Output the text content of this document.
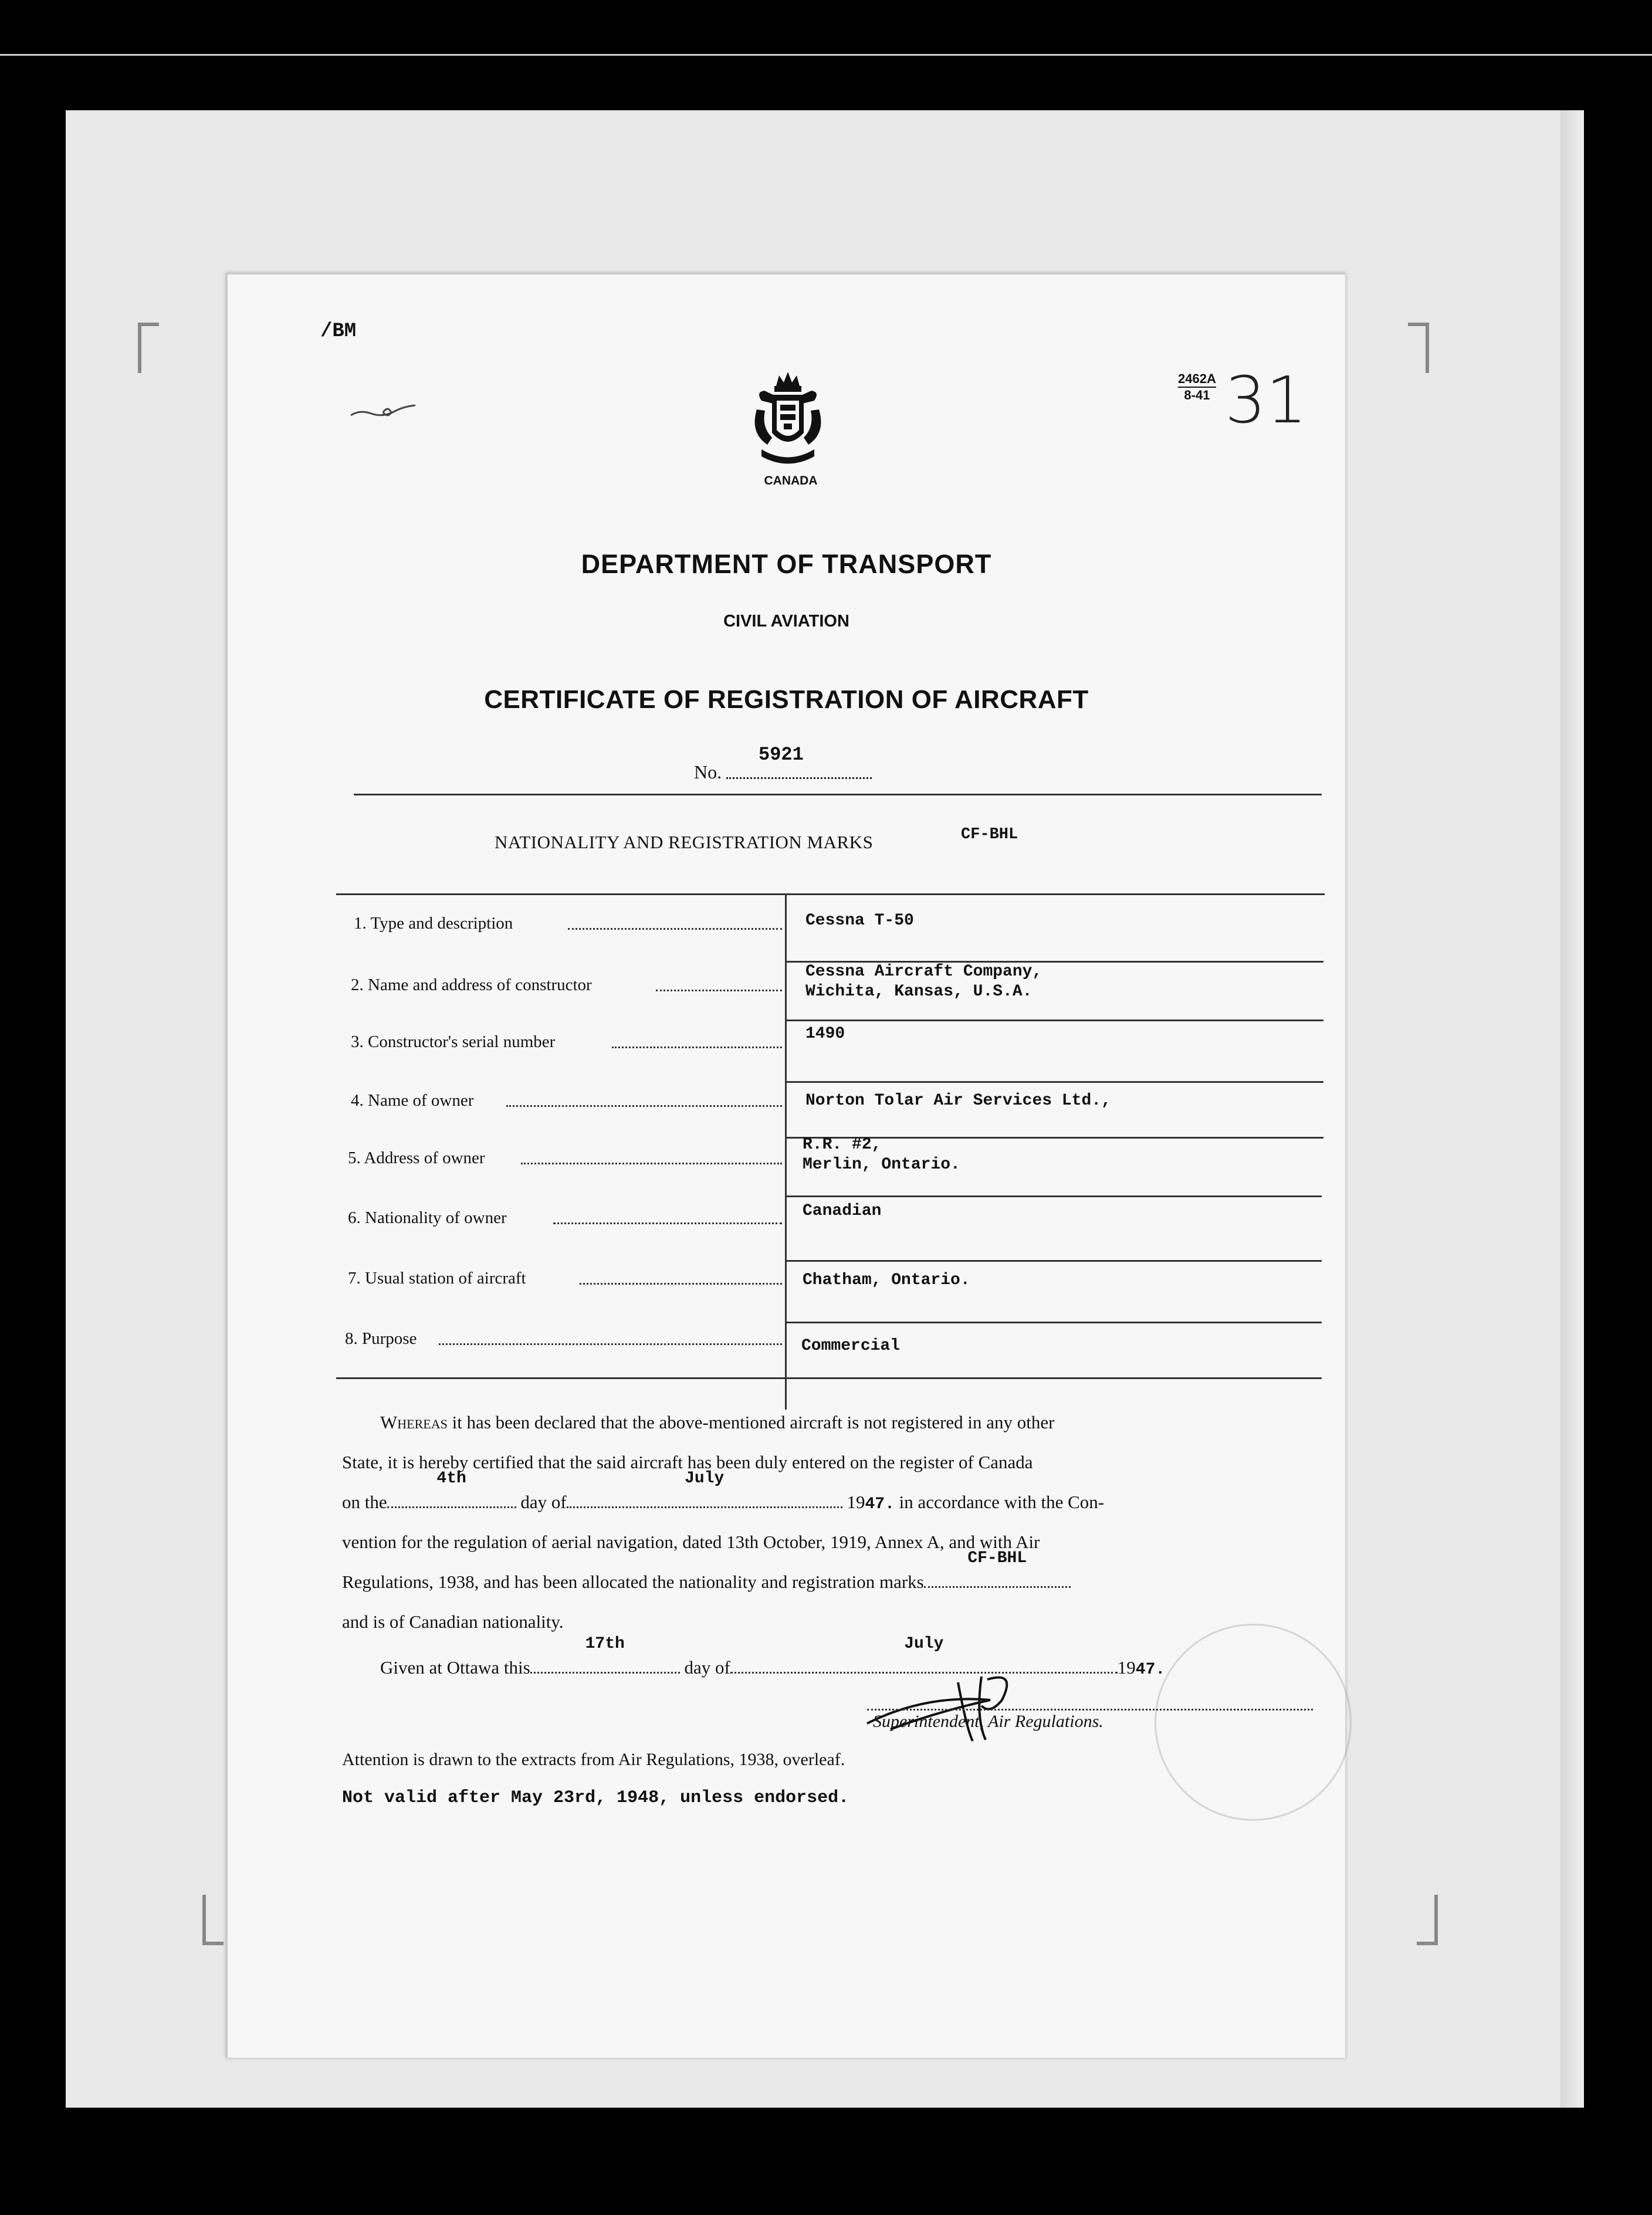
/BM
2462A
8-41 31
CANADA
DEPARTMENT OF TRANSPORT
CIVIL AVIATION
CERTIFICATE OF REGISTRATION OF AIRCRAFT
No.
5921
NATIONALITY AND REGISTRATION MARKS	CF-BHL
1. Type and description	Cessna T-50
2. Name and address of constructor
Cessna Aircraft Company,
Wichita, Kansas, U.S.A.
3. Constructor's serial number	1490
4. Name of owner	Norton Tolar Air Services Ltd.,
5. Address of owner
R.R. #2,
Merlin, Ontario.
6. Nationality of owner	Canadian
7. Usual station of aircraft	Chatham, Ontario.
8. Purpose	Commercial
Whereas it has been declared that the above-mentioned aircraft is not registered in any other
State, it is hereby certified that the said aircraft has been duly entered on the register of Canada
on the
4th
day of
July
1947. in accordance with the Con-
vention for the regulation of aerial navigation, dated 13th October, 1919, Annex A, and with Air
Regulations, 1938, and has been allocated the nationality and registration marks
CF-BHL
and is of Canadian nationality.
Given at Ottawa this
17th
day of
July
1947.
Superintendent, Air Regulations.
Attention is drawn to the extracts from Air Regulations, 1938, overleaf.
Not valid after May 23rd, 1948, unless endorsed.
